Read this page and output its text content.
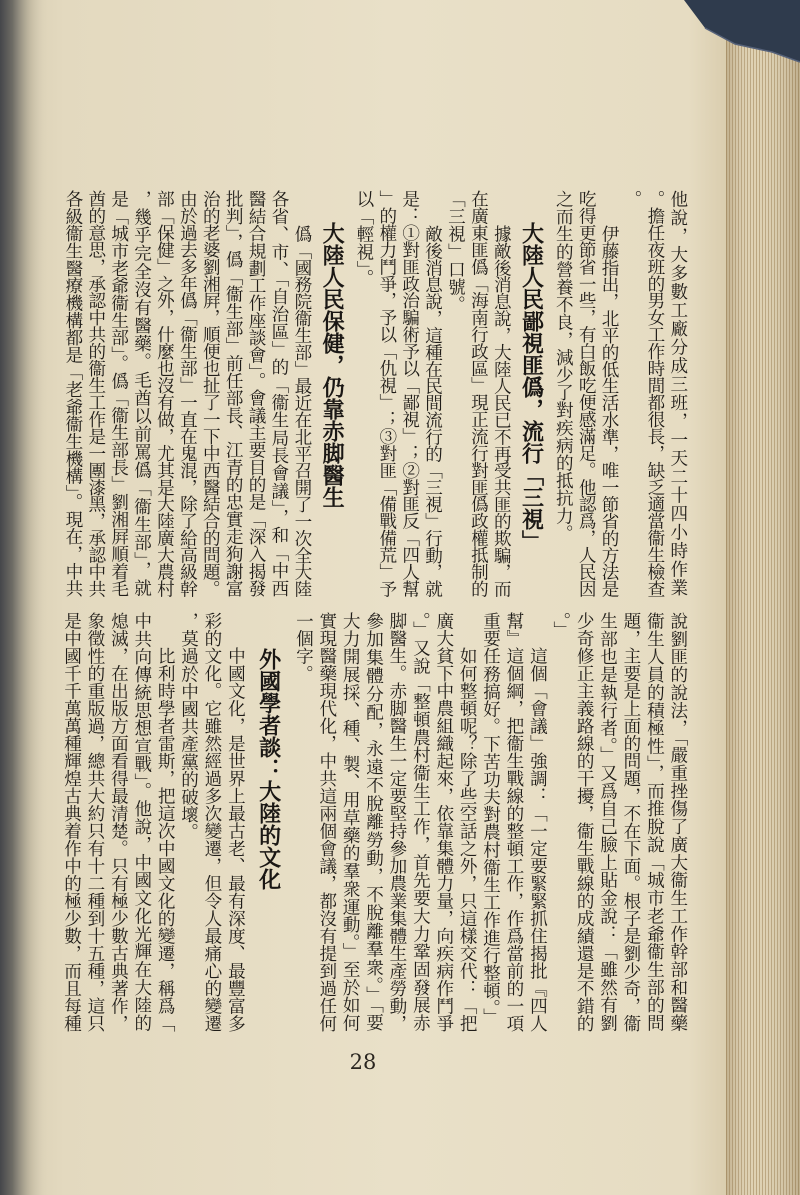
他說，大多數工廠分成三班，一天二十四小時作業
。擔任夜班的男女工作時間都很長，缺乏適當衞生檢查
。
伊藤指出，北平的低生活水準，唯一節省的方法是
吃得更節省一些，有白飯吃便感滿足。他認爲，人民因
之而生的營養不良，減少了對疾病的抵抗力。
大陸人民鄙視匪僞，流行「三視」
據敵後消息說，大陸人民已不再受共匪的欺騙，而
在廣東匪僞「海南行政區」現正流行對匪僞政權抵制的
「三視」口號。
敵後消息說，這種在民間流行的「三視」行動，就
是：①對匪政治騙術予以「鄙視」；②對匪反「四人幫
」的權力鬥爭，予以「仇視」；③對匪「備戰備荒」予
以「輕視」。
大陸人民保健，仍靠赤脚醫生
僞「國務院衞生部」最近在北平召開了一次全大陸
各省、市、「自治區」的「衞生局長會議」，和「中西
醫結合規劃工作座談會」。會議主要目的是「深入揭發
批判」，僞「衞生部」前任部長、江青的忠實走狗謝富
治的老婆劉湘屛，順便也扯了一下中西醫結合的問題。
由於過去多年僞「衞生部」一直在鬼混，除了給高級幹
部「保健」之外，什麼也沒有做，尤其是大陸廣大農村
，幾乎完全沒有醫藥。毛酋以前罵僞「衞生部」，就
是「城市老爺衞生部」。僞「衞生部長」劉湘屛順着毛
酋的意思，承認中共的衞生工作是一團漆黑，承認中共
各級衞生醫療機構都是「老爺衞生機構」。現在，中共
說劉匪的說法，「嚴重挫傷了廣大衞生工作幹部和醫藥
衞生人員的積極性」，而推脫說「城市老爺衞生部的問
題，主要是上面的問題，不在下面。根子是劉少奇，衞
生部也是執行者。」又爲自己臉上貼金說：「雖然有劉
少奇修正主義路線的干擾，衞生戰線的成績還是不錯的
。」
這個「會議」強調：「一定要緊緊抓住揭批『四人
幫』這個綱，把衞生戰線的整頓工作，作爲當前的一項
重要任務搞好。下苦功夫對農村衞生工作進行整頓。」
如何整頓呢？除了些空話之外，只這樣交代：「把
廣大貧下中農組織起來，依靠集體力量，向疾病作鬥爭
。」又說「整頓農村衞生工作，首先要大力鞏固發展赤
脚醫生。赤脚醫生一定要堅持參加農業集體生產勞動，
參加集體分配，永遠不脫離勞動，不脫離羣衆。」「要
大力開展採、種、製、用草藥的羣衆運動。」至於如何
實現醫藥現代化，中共這兩個會議，都沒有提到過任何
一個字。
外國學者談：大陸的文化
中國文化，是世界上最古老、最有深度、最豐富多
彩的文化。它雖然經過多次變遷，但令人最痛心的變遷
，莫過於中國共產黨的破壞。
比利時學者雷斯，把這次中國文化的變遷，稱爲「
中共向傳統思想宣戰」。他說，中國文化光輝在大陸的
熄滅，在出版方面看得最清楚。只有極少數古典著作，
象徵性的重版過，總共大約只有十二種到十五種，這只
是中國千千萬萬種輝煌古典着作中的極少數，而且每種
28
